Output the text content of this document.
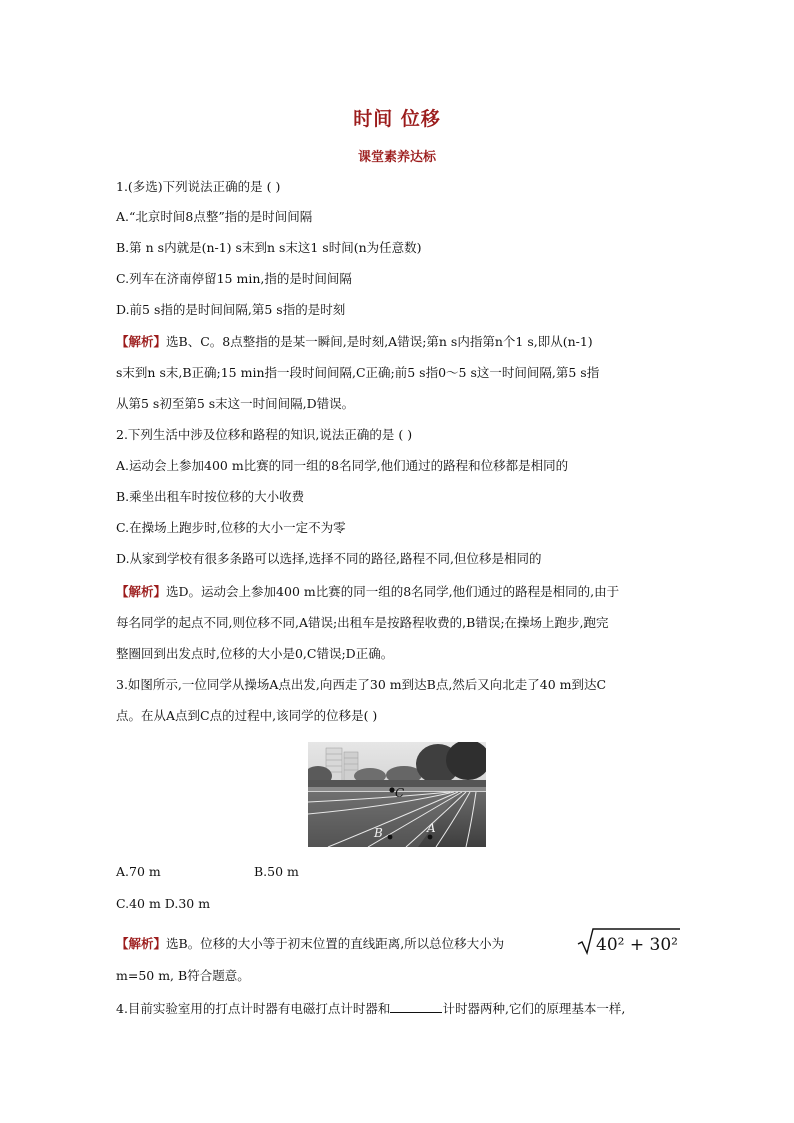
时间 位移
课堂素养达标
1.(多选)下列说法正确的是 ( )
A.“北京时间8点整”指的是时间间隔
B.第 n s内就是(n-1) s末到n s末这1 s时间(n为任意数)
C.列车在济南停留15 min,指的是时间间隔
D.前5 s指的是时间间隔,第5 s指的是时刻
【解析】选B、C。8点整指的是某一瞬间,是时刻,A错误;第n s内指第n个1 s,即从(n-1)
s末到n s末,B正确;15 min指一段时间间隔,C正确;前5 s指0～5 s这一时间间隔,第5 s指
从第5 s初至第5 s末这一时间间隔,D错误。
2.下列生活中涉及位移和路程的知识,说法正确的是 ( )
A.运动会上参加400 m比赛的同一组的8名同学,他们通过的路程和位移都是相同的
B.乘坐出租车时按位移的大小收费
C.在操场上跑步时,位移的大小一定不为零
D.从家到学校有很多条路可以选择,选择不同的路径,路程不同,但位移是相同的
【解析】选D。运动会上参加400 m比赛的同一组的8名同学,他们通过的路程是相同的,由于
每名同学的起点不同,则位移不同,A错误;出租车是按路程收费的,B错误;在操场上跑步,跑完
整圈回到出发点时,位移的大小是0,C错误;D正确。
3.如图所示,一位同学从操场A点出发,向西走了30 m到达B点,然后又向北走了40 m到达C
点。在从A点到C点的过程中,该同学的位移是( )
C
B	A
A.70 m	B.50 m
C.40 m D.30 m
【解析】选B。位移的大小等于初末位置的直线距离,所以总位移大小为	40² + 30²
m=50 m, B符合题意。
4.目前实验室用的打点计时器有电磁打点计时器和	计时器两种,它们的原理基本一样,
